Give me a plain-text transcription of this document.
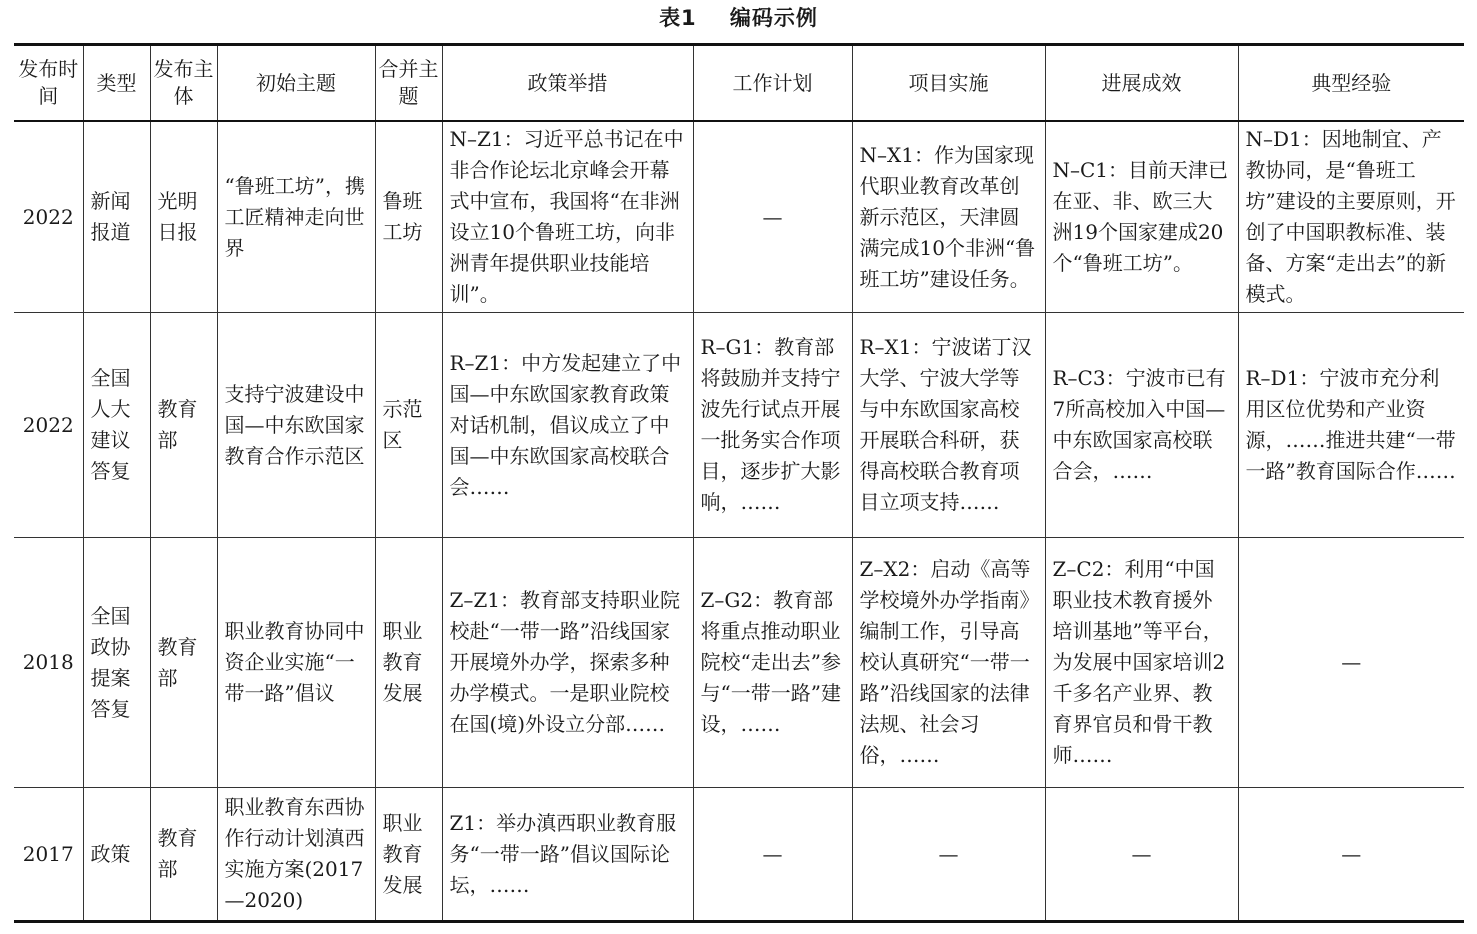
表1    编码示例
发布时间	类型	发布主体	初始主题	合并主题	政策举措	工作计划	项目实施	进展成效	典型经验
2022	新闻报道	光明日报	“鲁班工坊”，携工匠精神走向世界	鲁班工坊	N–Z1：习近平总书记在中非合作论坛北京峰会开幕式中宣布，我国将“在非洲设立10个鲁班工坊，向非洲青年提供职业技能培训”。	—	N–X1：作为国家现代职业教育改革创新示范区，天津圆满完成10个非洲“鲁班工坊”建设任务。	N–C1：目前天津已在亚、非、欧三大洲19个国家建成20个“鲁班工坊”。	N–D1：因地制宜、产教协同，是“鲁班工坊”建设的主要原则，开创了中国职教标准、装备、方案“走出去”的新模式。
2022	全国人大建议答复	教育部	支持宁波建设中国—中东欧国家教育合作示范区	示范区	R–Z1：中方发起建立了中国—中东欧国家教育政策对话机制，倡议成立了中国—中东欧国家高校联合会……	R–G1：教育部将鼓励并支持宁波先行试点开展一批务实合作项目，逐步扩大影响，……	R–X1：宁波诺丁汉大学、宁波大学等与中东欧国家高校开展联合科研，获得高校联合教育项目立项支持……	R–C3：宁波市已有7所高校加入中国—中东欧国家高校联合会，……	R–D1：宁波市充分利用区位优势和产业资源，……推进共建“一带一路”教育国际合作……
2018	全国政协提案答复	教育部	职业教育协同中资企业实施“一带一路”倡议	职业教育发展	Z–Z1：教育部支持职业院校赴“一带一路”沿线国家开展境外办学，探索多种办学模式。一是职业院校在国(境)外设立分部……	Z–G2：教育部将重点推动职业院校“走出去”参与“一带一路”建设，……	Z–X2：启动《高等学校境外办学指南》编制工作，引导高校认真研究“一带一路”沿线国家的法律法规、社会习俗，……	Z–C2：利用“中国职业技术教育援外培训基地”等平台，为发展中国家培训2千多名产业界、教育界官员和骨干教师……	—
2017	政策	教育部	职业教育东西协作行动计划滇西实施方案(2017—2020)	职业教育发展	Z1：举办滇西职业教育服务“一带一路”倡议国际论坛，……	—	—	—	—
